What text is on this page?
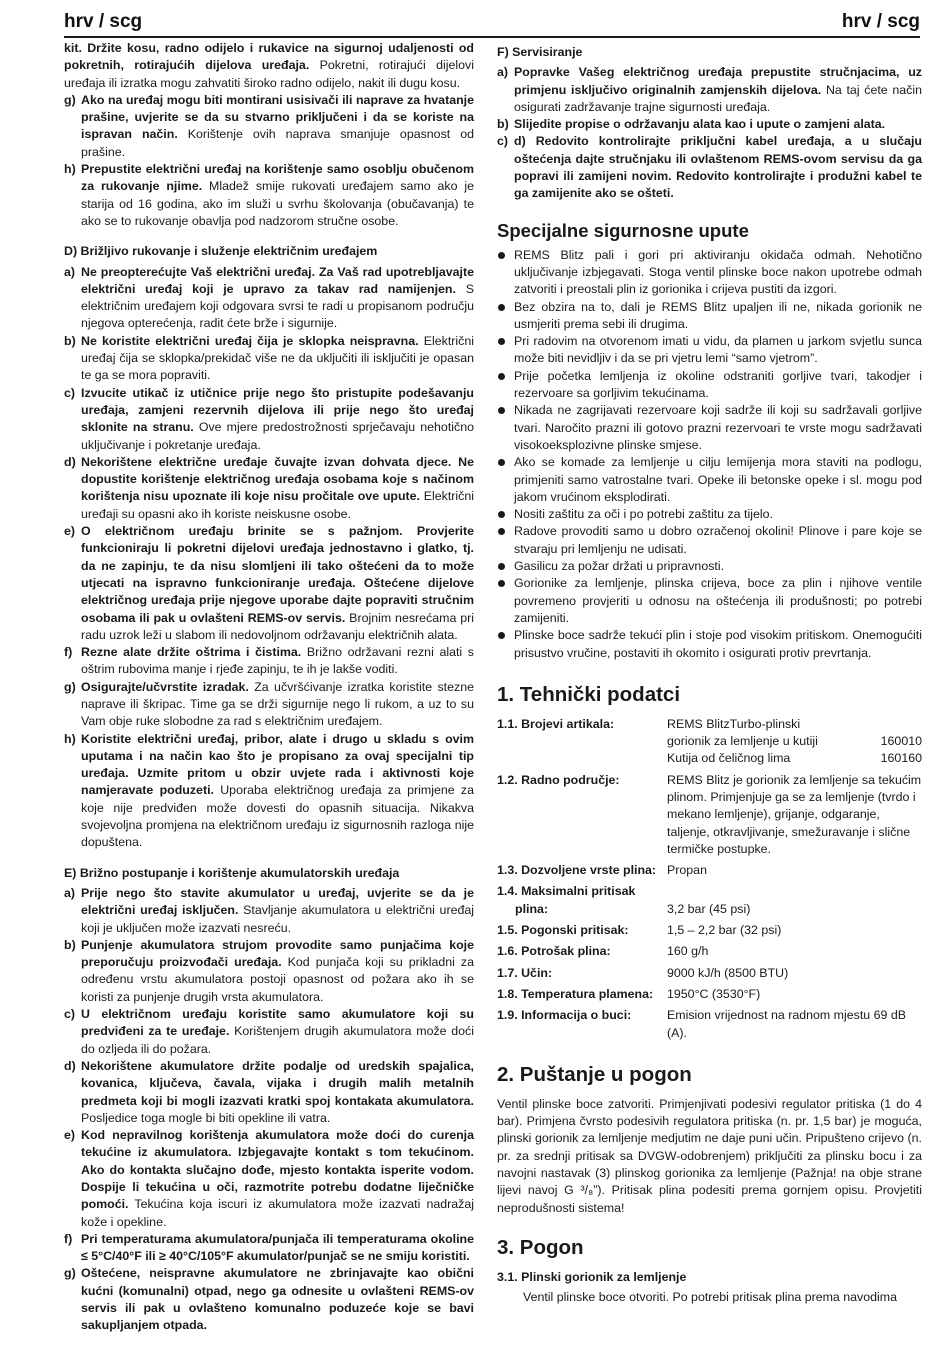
hrv / scg	hrv / scg
kit. Držite kosu, radno odijelo i rukavice na sigurnoj udaljenosti od pokretnih, rotirajućih dijelova uređaja. Pokretni, rotirajući dijelovi uređaja ili izratka mogu zahvatiti široko radno odijelo, nakit ili dugu kosu.
g) Ako na uređaj mogu biti montirani usisivači ili naprave za hvatanje prašine, uvjerite se da su stvarno priključeni i da se koriste na ispravan način. Korištenje ovih naprava smanjuje opasnost od prašine.
h) Prepustite električni uređaj na korištenje samo osoblju obučenom za rukovanje njime. Mladež smije rukovati uređajem samo ako je starija od 16 godina, ako im služi u svrhu školovanja (obučavanja) te ako se to rukovanje obavlja pod nadzorom stručne osobe.
D) Brižljivo rukovanje i služenje električnim uređajem
a) Ne preopterećujte Vaš električni uređaj. Za Vaš rad upotrebljavajte električni uređaj koji je upravo za takav rad namijenjen. S električnim uređajem koji odgovara svrsi te radi u propisanom području njegova opterećenja, radit ćete brže i sigurnije.
b) Ne koristite električni uređaj čija je sklopka neispravna. Električni uređaj čija se sklopka/prekidač više ne da uključiti ili isključiti je opasan te ga se mora popraviti.
c) Izvucite utikač iz utičnice prije nego što pristupite podešavanju uređaja, zamjeni rezervnih dijelova ili prije nego što uređaj sklonite na stranu. Ove mjere predostrožnosti sprječavaju nehotično uključivanje i pokretanje uređaja.
d) Nekorištene električne uređaje čuvajte izvan dohvata djece. Ne dopustite korištenje električnog uređaja osobama koje s načinom korištenja nisu upoznate ili koje nisu pročitale ove upute. Električni uređaji su opasni ako ih koriste neiskusne osobe.
e) O električnom uređaju brinite se s pažnjom. Provjerite funkcioniraju li pokretni dijelovi uređaja jednostavno i glatko, tj. da ne zapinju, te da nisu slomljeni ili tako oštećeni da to može utjecati na ispravno funkcioniranje uređaja. Oštećene dijelove električnog uređaja prije njegove uporabe dajte popraviti stručnim osobama ili pak u ovlašteni REMS-ov servis. Brojnim nesrećama pri radu uzrok leži u slabom ili nedovoljnom održavanju električnih alata.
f) Rezne alate držite oštrima i čistima. Brižno održavani rezni alati s oštrim rubovima manje i rjeđe zapinju, te ih je lakše voditi.
g) Osigurajte/učvrstite izradak. Za učvršćivanje izratka koristite stezne naprave ili škripac. Time ga se drži sigurnije nego li rukom, a uz to su Vam obje ruke slobodne za rad s električnim uređajem.
h) Koristite električni uređaj, pribor, alate i drugo u skladu s ovim uputama i na način kao što je propisano za ovaj specijalni tip uređaja. Uzmite pritom u obzir uvjete rada i aktivnosti koje namjeravate poduzeti. Uporaba električnog uređaja za primjene za koje nije predviđen može dovesti do opasnih situacija. Nikakva svojevoljna promjena na električnom uređaju iz sigurnosnih razloga nije dopuštena.
E) Brižno postupanje i korištenje akumulatorskih uređaja
a) Prije nego što stavite akumulator u uređaj, uvjerite se da je električni uređaj isključen. Stavljanje akumulatora u električni uređaj koji je uključen može izazvati nesreću.
b) Punjenje akumulatora strujom provodite samo punjačima koje preporučuju proizvođači uređaja. Kod punjača koji su prikladni za određenu vrstu akumulatora postoji opasnost od požara ako ih se koristi za punjenje drugih vrsta akumulatora.
c) U električnom uređaju koristite samo akumulatore koji su predviđeni za te uređaje. Korištenjem drugih akumulatora može doći do ozljeda ili do požara.
d) Nekorištene akumulatore držite podalje od uredskih spajalica, kovanica, ključeva, čavala, vijaka i drugih malih metalnih predmeta koji bi mogli izazvati kratki spoj kontakata akumulatora. Posljedice toga mogle bi biti opekline ili vatra.
e) Kod nepravilnog korištenja akumulatora može doći do curenja tekućine iz akumulatora. Izbjegavajte kontakt s tom tekućinom. Ako do kontakta slučajno dođe, mjesto kontakta isperite vodom. Dospije li tekućina u oči, razmotrite potrebu dodatne liječničke pomoći. Tekućina koja iscuri iz akumulatora može izazvati nadražaj kože i opekline.
f) Pri temperaturama akumulatora/punjača ili temperaturama okoline ≤ 5°C/40°F ili ≥ 40°C/105°F akumulator/punjač se ne smiju koristiti.
g) Oštećene, neispravne akumulatore ne zbrinjavajte kao obični kućni (komunalni) otpad, nego ga odnesite u ovlašteni REMS-ov servis ili pak u ovlašteno komunalno poduzeće koje se bavi sakupljanjem otpada.
F) Servisiranje
a) Popravke Vašeg električnog uređaja prepustite stručnjacima, uz primjenu isključivo originalnih zamjenskih dijelova. Na taj ćete način osigurati zadržavanje trajne sigurnosti uređaja.
b) Slijedite propise o održavanju alata kao i upute o zamjeni alata.
c) d) Redovito kontrolirajte priključni kabel uređaja, a u slučaju oštećenja dajte stručnjaku ili ovlaštenom REMS-ovom servisu da ga popravi ili zamijeni novim. Redovito kontrolirajte i produžni kabel te ga zamijenite ako se ošteti.
Specijalne sigurnosne upute
REMS Blitz pali i gori pri aktiviranju okidača odmah. Nehotično uključivanje izbjegavati. Stoga ventil plinske boce nakon upotrebe odmah zatvoriti i preostali plin iz gorionika i crijeva pustiti da izgori.
Bez obzira na to, dali je REMS Blitz upaljen ili ne, nikada gorionik ne usmjeriti prema sebi ili drugima.
Pri radovim na otvorenom imati u vidu, da plamen u jarkom svjetlu sunca može biti nevidljiv i da se pri vjetru lemi “samo vjetrom”.
Prije početka lemljenja iz okoline odstraniti gorljive tvari, takodjer i rezervoare sa gorljivim tekućinama.
Nikada ne zagrijavati rezervoare koji sadrže ili koji su sadržavali gorljive tvari. Naročito prazni ili gotovo prazni rezervoari te vrste mogu sadržavati visokoeksplozivne plinske smjese.
Ako se komade za lemljenje u cilju lemijenja mora staviti na podlogu, primjeniti samo vatrostalne tvari. Opeke ili betonske opeke i sl. mogu pod jakom vrućinom eksplodirati.
Nositi zaštitu za oči i po potrebi zaštitu za tijelo.
Radove provoditi samo u dobro ozračenoj okolini! Plinove i pare koje se stvaraju pri lemljenju ne udisati.
Gasilicu za požar držati u pripravnosti.
Gorionike za lemljenje, plinska crijeva, boce za plin i njihove ventile povremeno provjeriti u odnosu na oštećenja ili produšnosti; po potrebi zamijeniti.
Plinske boce sadrže tekući plin i stoje pod visokim pritiskom. Onemogućiti prisustvo vručine, postaviti ih okomito i osigurati protiv prevrtanja.
1. Tehnički podatci
1.1. Brojevi artikala:	REMS BlitzTurbo-plinski
gorionik za lemljenje u kutiji	160010
Kutija od čeličnog lima	160160
1.2. Radno područje:	REMS Blitz je gorionik za lemljenje sa tekućim plinom. Primjenjuje ga se za lemljenje (tvrdo i mekano lemljenje), grijanje, odgaranje, taljenje, otkravljivanje, smežuravanje i slične termičke postupke.
1.3. Dozvoljene vrste plina: Propan
1.4. Maksimalni pritisak
plina:
	3,2 bar (45 psi)
1.5. Pogonski pritisak:	1,5 – 2,2 bar (32 psi)
1.6. Potrošak plina:	160 g/h
1.7. Učin:	9000 kJ/h (8500 BTU)
1.8. Temperatura plamena:	1950°C (3530°F)
1.9. Informacija o buci:	Emision vrijednost na radnom mjestu 69 dB (A).
2. Puštanje u pogon
Ventil plinske boce zatvoriti. Primjenjivati podesivi regulator pritiska (1 do 4 bar). Primjena čvrsto podesivih regulatora pritiska (n. pr. 1,5 bar) je moguća, plinski gorionik za lemljenje medjutim ne daje puni učin. Pripušteno crijevo (n. pr. za srednji pritisak sa DVGW-odobrenjem) priključiti za plinsku bocu i za navojni nastavak (3) plinskog gorionika za lemljenje (Pažnja! na obje strane lijevi navoj G ³/₈”). Pritisak plina podesiti prema gornjem opisu. Provjetiti neprodušnosti sistema!
3. Pogon
3.1. Plinski gorionik za lemljenje
Ventil plinske boce otvoriti. Po potrebi pritisak plina prema navodima
